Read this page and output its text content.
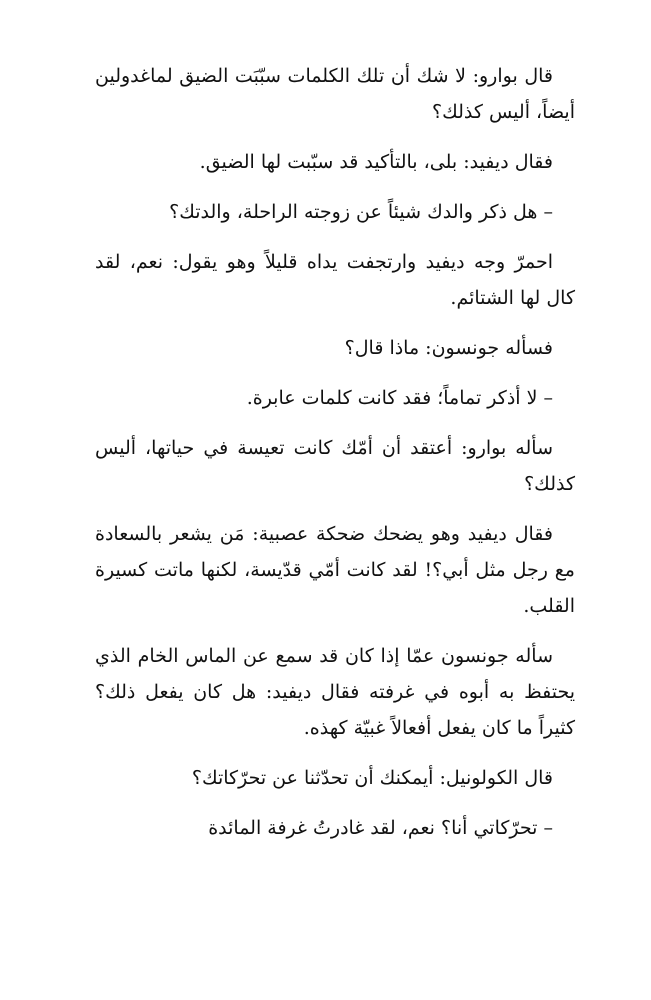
قال بوارو: لا شك أن تلك الكلمات سبّبَت الضيق لماغدولين أيضاً، أليس كذلك؟

فقال ديفيد: بلى، بالتأكيد قد سبّبت لها الضيق.

– هل ذكر والدك شيئاً عن زوجته الراحلة، والدتك؟

احمرّ وجه ديفيد وارتجفت يداه قليلاً وهو يقول: نعم، لقد كال لها الشتائم.

فسأله جونسون: ماذا قال؟

– لا أذكر تماماً؛ فقد كانت كلمات عابرة.

سأله بوارو: أعتقد أن أمّك كانت تعيسة في حياتها، أليس كذلك؟

فقال ديفيد وهو يضحك ضحكة عصبية: مَن يشعر بالسعادة مع رجل مثل أبي؟! لقد كانت أمّي قدّيسة، لكنها ماتت كسيرة القلب.

سأله جونسون عمّا إذا كان قد سمع عن الماس الخام الذي يحتفظ به أبوه في غرفته فقال ديفيد: هل كان يفعل ذلك؟ كثيراً ما كان يفعل أفعالاً غبيّة كهذه.

قال الكولونيل: أيمكنك أن تحدّثنا عن تحرّكاتك؟

– تحرّكاتي أنا؟ نعم، لقد غادرتُ غرفة المائدة
